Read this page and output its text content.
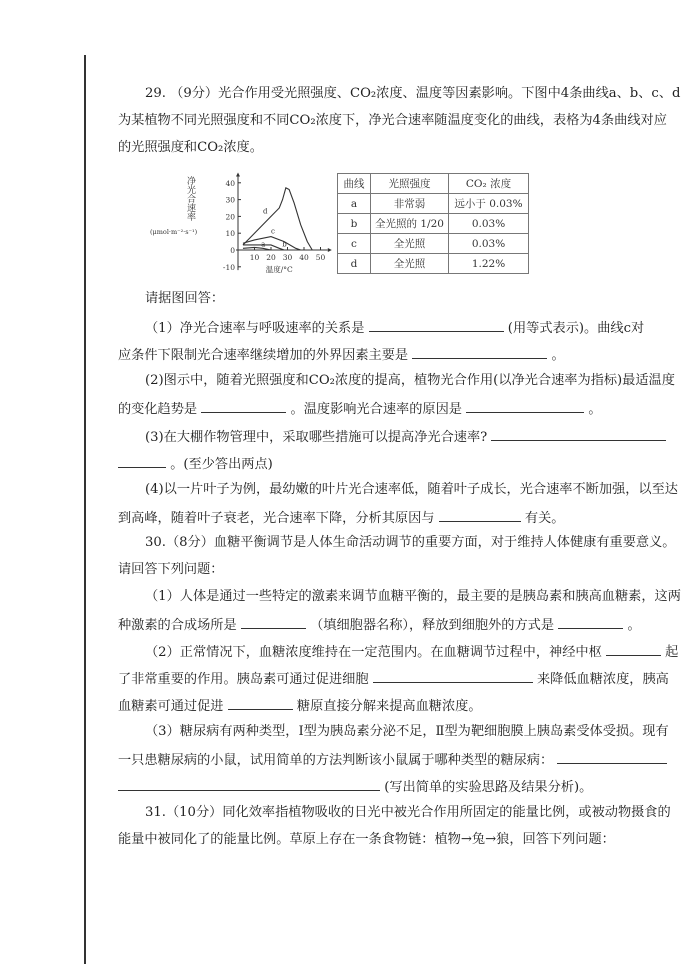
29. （9分）光合作用受光照强度、CO₂浓度、温度等因素影响。下图中4条曲线a、b、c、d
为某植物不同光照强度和不同CO₂浓度下，净光合速率随温度变化的曲线，表格为4条曲线对应
的光照强度和CO₂浓度。
请据图回答：
（1）净光合速率与呼吸速率的关系是	(用等式表示)。曲线c对
应条件下限制光合速率继续增加的外界因素主要是	。
(2)图示中，随着光照强度和CO₂浓度的提高，植物光合作用(以净光合速率为指标)最适温度
的变化趋势是	。温度影响光合速率的原因是	。
(3)在大棚作物管理中，采取哪些措施可以提高净光合速率?
。(至少答出两点)
(4)以一片叶子为例，最幼嫩的叶片光合速率低，随着叶子成长，光合速率不断加强，以至达
到高峰，随着叶子衰老，光合速率下降，分析其原因与	有关。
30.（8分）血糖平衡调节是人体生命活动调节的重要方面，对于维持人体健康有重要意义。
请回答下列问题：
（1）人体是通过一些特定的激素来调节血糖平衡的，最主要的是胰岛素和胰高血糖素，这两
种激素的合成场所是	（填细胞器名称），释放到细胞外的方式是	。
（2）正常情况下，血糖浓度维持在一定范围内。在血糖调节过程中，神经中枢	起
了非常重要的作用。胰岛素可通过促进细胞	来降低血糖浓度，胰高
血糖素可通过促进	糖原直接分解来提高血糖浓度。
（3）糖尿病有两种类型，Ⅰ型为胰岛素分泌不足，Ⅱ型为靶细胞膜上胰岛素受体受损。现有
一只患糖尿病的小鼠，试用简单的方法判断该小鼠属于哪种类型的糖尿病：
(写出简单的实验思路及结果分析)。
31.（10分）同化效率指植物吸收的日光中被光合作用所固定的能量比例，或被动物摄食的
能量中被同化了的能量比例。草原上存在一条食物链：植物→兔→狼，回答下列问题：
10 20 30 40 50
-10
10
20
30
40
0
温度/°C
净光合速率
(μmol·m⁻²·s⁻¹)
d
c
b
a
曲线	光照强度	CO₂ 浓度
a	非常弱	远小于 0.03%
b	全光照的 1/20	0.03%
c	全光照	0.03%
d	全光照	1.22%
